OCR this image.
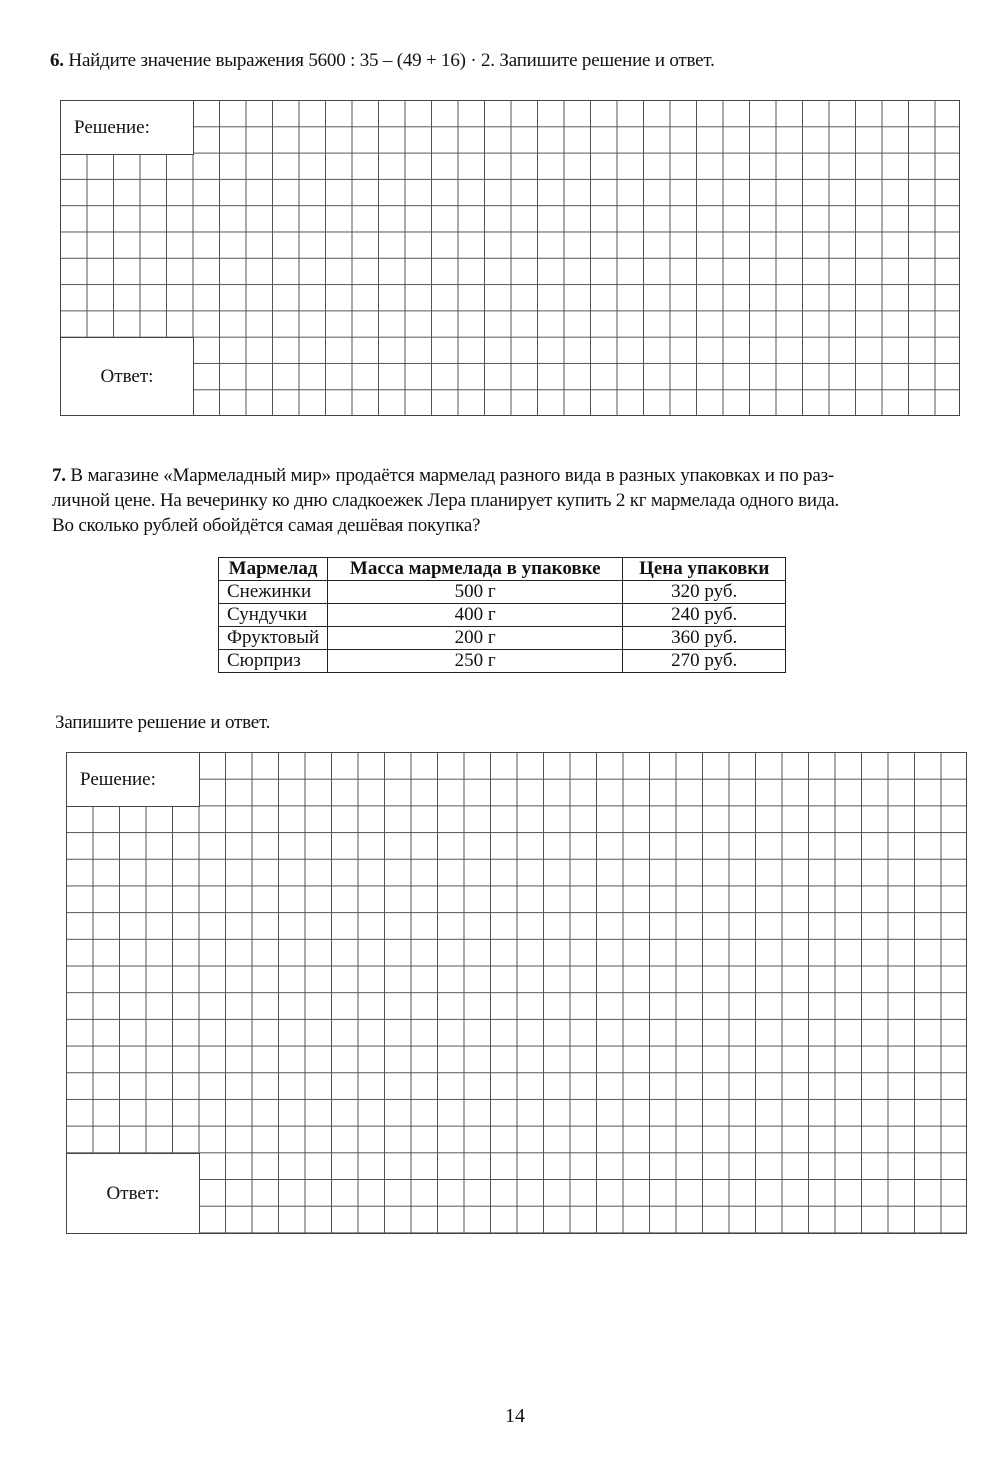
6. Найдите значение выражения 5600 : 35 – (49 + 16) · 2. Запишите решение и ответ.
Решение:
Ответ:
7. В магазине «Мармеладный мир» продаётся мармелад разного вида в разных упаковках и по раз-
личной цене. На вечеринку ко дню сладкоежек Лера планирует купить 2 кг мармелада одного вида.
Во сколько рублей обойдётся самая дешёвая покупка?
Мармелад	Масса мармелада в упаковке	Цена упаковки
Снежинки	500 г	320 руб.
Сундучки	400 г	240 руб.
Фруктовый	200 г	360 руб.
Сюрприз	250 г	270 руб.
Запишите решение и ответ.
Решение:
Ответ:
14
